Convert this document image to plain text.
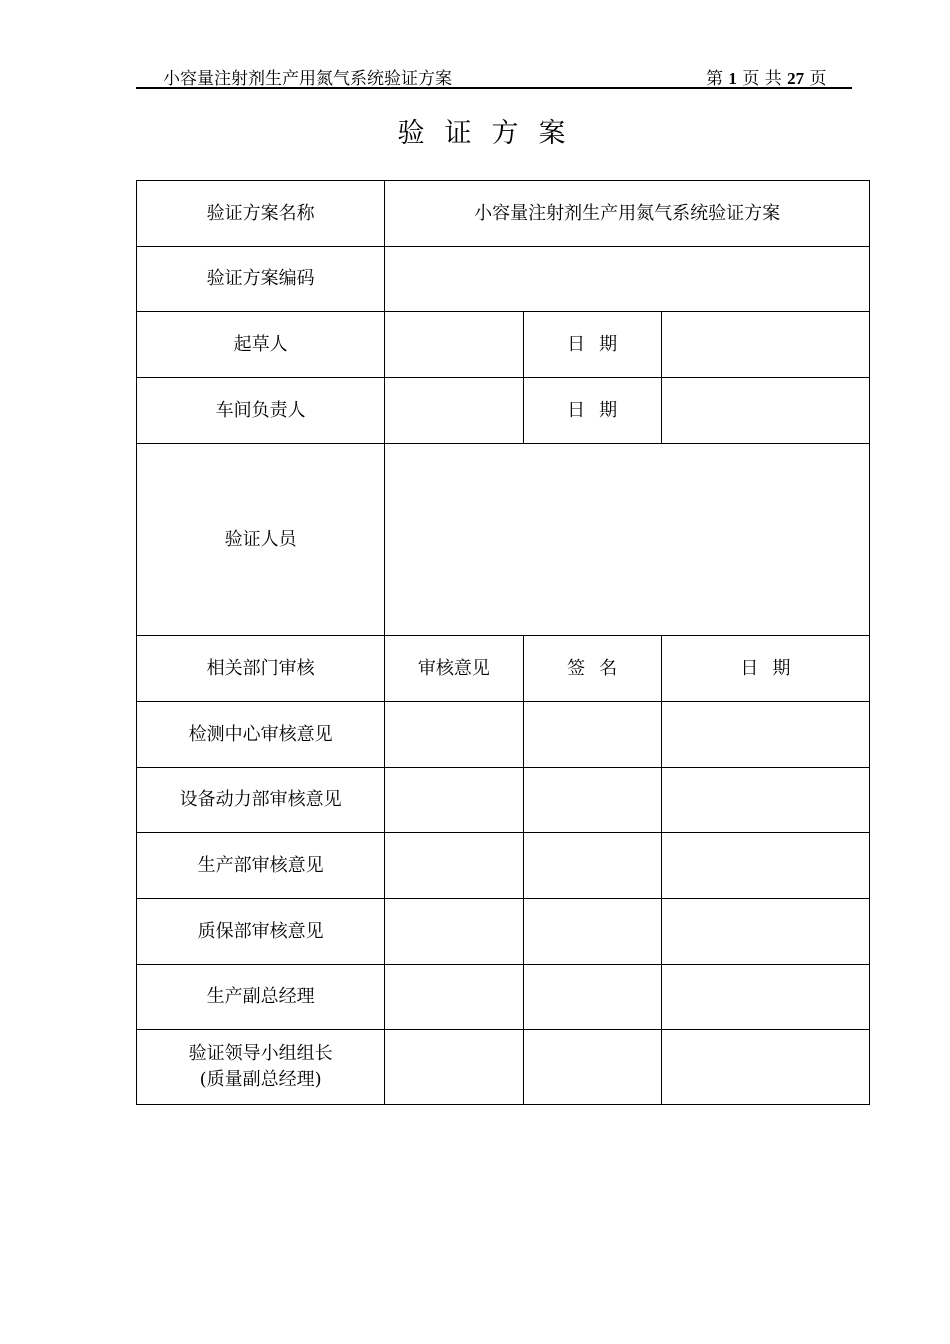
小容量注射剂生产用氮气系统验证方案	第 1 页 共 27 页
验证方案
验证方案名称	小容量注射剂生产用氮气系统验证方案		
验证方案编码			
起草人		日期	
车间负责人		日期	
验证人员			
相关部门审核	审核意见	签名	日期
检测中心审核意见			
设备动力部审核意见			
生产部审核意见			
质保部审核意见			
生产副总经理			

验证领导小组组长
(质量副总经理)			
